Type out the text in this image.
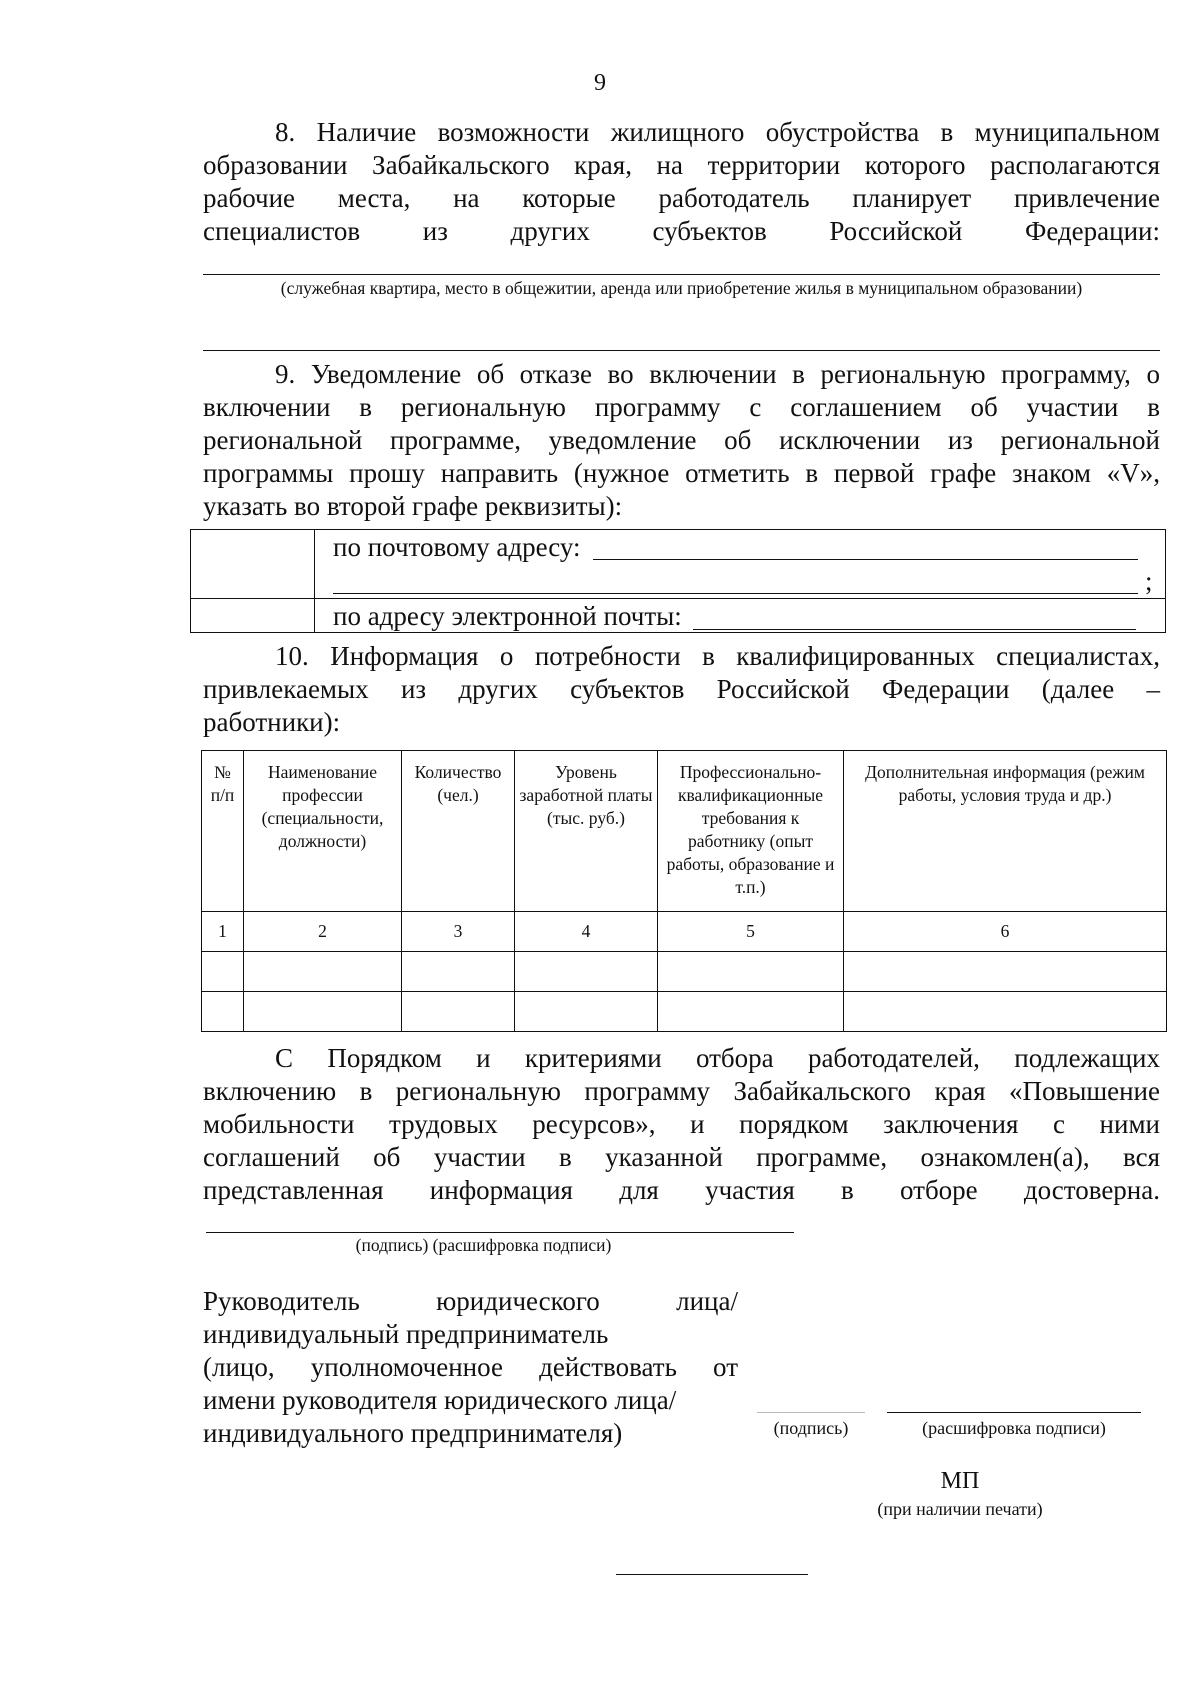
9
8. Наличие возможности жилищного обустройства в муниципальном
образовании Забайкальского края, на территории которого располагаются
рабочие места, на которые работодатель планирует привлечение
специалистов из других субъектов Российской Федерации:
(служебная квартира, место в общежитии, аренда или приобретение жилья в муниципальном образовании)
9. Уведомление об отказе во включении в региональную программу, о
включении в региональную программу с соглашением об участии в
региональной программе, уведомление об исключении из региональной
программы прошу направить (нужное отметить в первой графе знаком «V»,
указать во второй графе реквизиты):

	по почтовому адресу:
;

	по адресу электронной почты:
10. Информация о потребности в квалифицированных специалистах,
привлекаемых из других субъектов Российской Федерации (далее –
работники):
№ п/п	Наименование профессии (специальности, должности)	Количество (чел.)	Уровень заработной платы (тыс. руб.)	Профессионально-квалификационные требования к работнику (опыт работы, образование и т.п.)	Дополнительная информация (режим работы, условия труда и др.)
1	2	3	4	5	6

С Порядком и критериями отбора работодателей, подлежащих
включению в региональную программу Забайкальского края «Повышение
мобильности трудовых ресурсов», и порядком заключения с ними
соглашений об участии в указанной программе, ознакомлен(а), вся
представленная информация для участия в отборе достоверна.
(подпись) (расшифровка подписи)
Руководитель юридического лица/
индивидуальный предприниматель
(лицо, уполномоченное действовать от
имени руководителя юридического лица/
индивидуального предпринимателя)	(подпись)	(расшифровка подписи)
МП
(при наличии печати)
